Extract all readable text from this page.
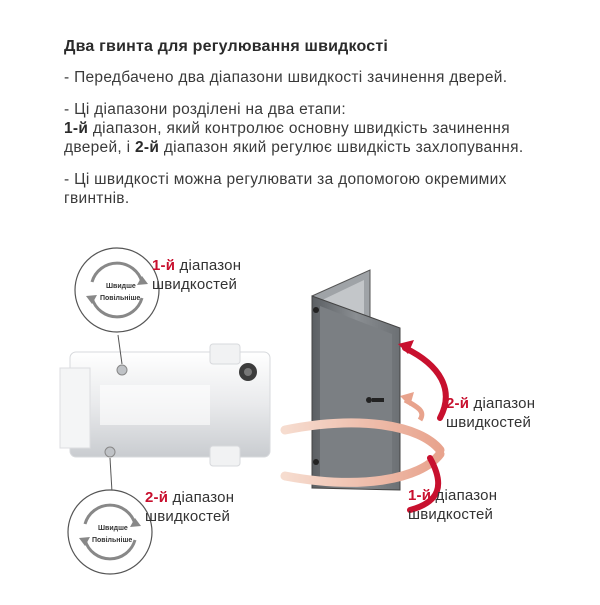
Два гвинта для регулювання швидкості

- Передбачено два діапазони швидкості зачинення дверей.

- Ці діапазони розділені на два етапи:
1-й діапазон, який контролює основну швидкість зачинення дверей, і 2-й діапазон який регулює швидкість захлопування.

- Ці швидкості можна регулювати за допомогою окремимих гвинтнів.

Швидше
Повільніше
Швидше
Повільніше
1-й діапазон
швидкостей
2-й діапазон
швидкостей
2-й діапазон
швидкостей
1-й діапазон
швидкостей
